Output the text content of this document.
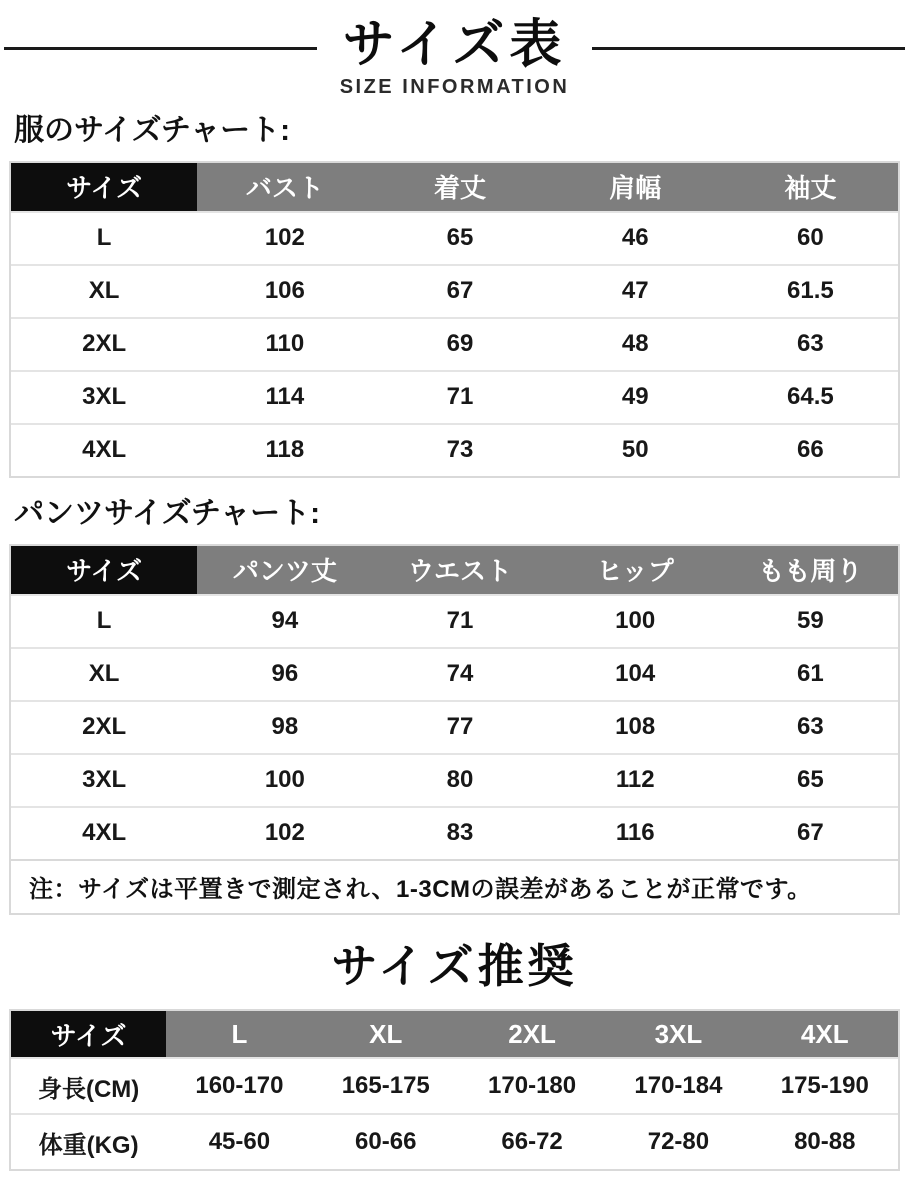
サイズ表
SIZE INFORMATION
服のサイズチャート:
サイズ	バスト	着丈	肩幅	袖丈
L	102	65	46	60
XL	106	67	47	61.5
2XL	110	69	48	63
3XL	114	71	49	64.5
4XL	118	73	50	66
パンツサイズチャート:
サイズ	パンツ丈	ウエスト	ヒップ	もも周り
L	94	71	100	59
XL	96	74	104	61
2XL	98	77	108	63
3XL	100	80	112	65
4XL	102	83	116	67
注：サイズは平置きで測定され、1-3CMの誤差があることが正常です。
サイズ推奨
サイズ	L	XL	2XL	3XL	4XL
身長(CM)	160-170	165-175	170-180	170-184	175-190
体重(KG)	45-60	60-66	66-72	72-80	80-88
